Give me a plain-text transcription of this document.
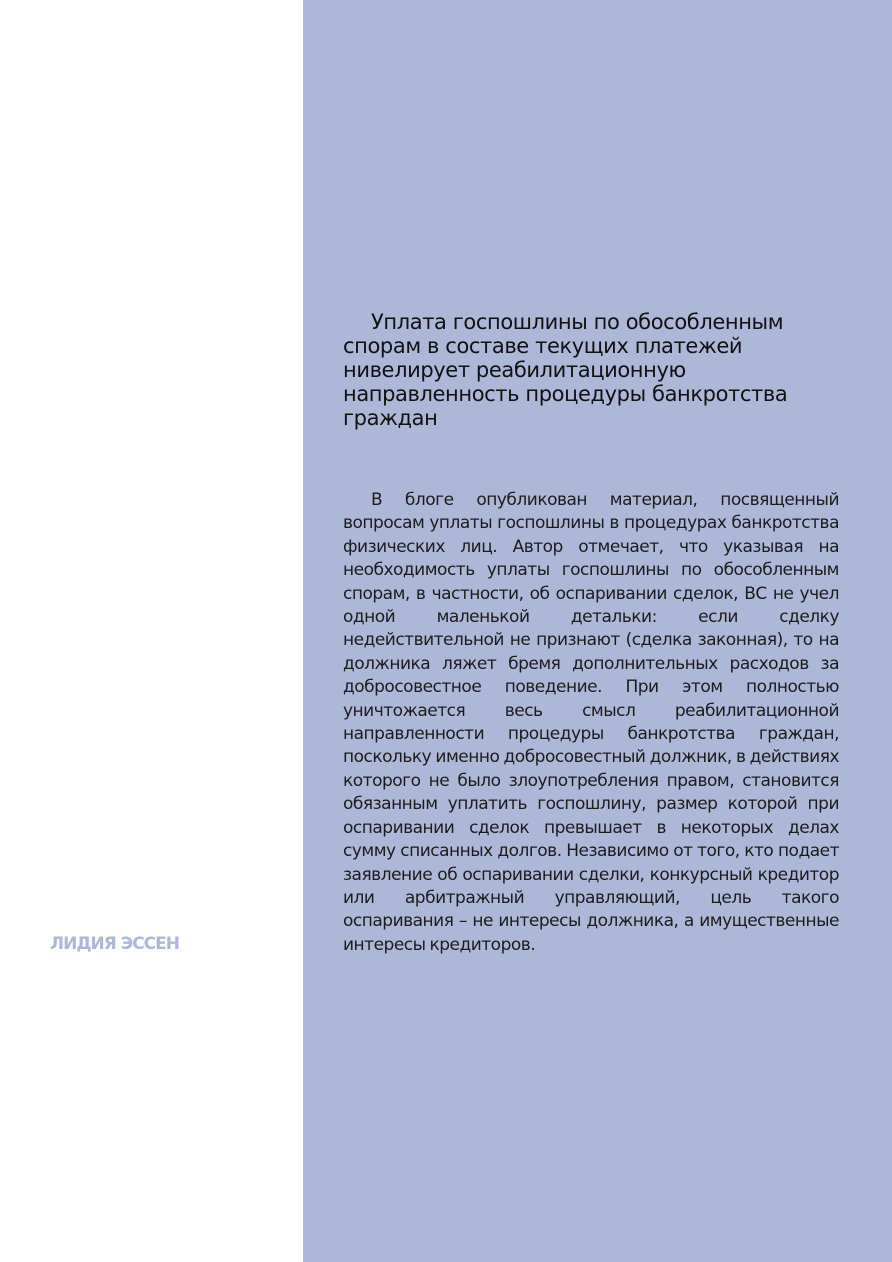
ЛИДИЯ ЭССЕН
Уплата госпошлины по обособленным спорам в составе текущих платежей нивелирует реабилитационную направленность процедуры банкротства граждан

В блоге опубликован материал, посвященный вопросам уплаты госпошлины в процедурах банкротства физических лиц. Автор отмечает, что указывая на необходимость уплаты госпошлины по обособленным спорам, в частности, об оспаривании сделок, ВС не учел одной маленькой детальки: если сделку недействительной не признают (сделка законная), то на должника ляжет бремя дополнительных расходов за добросовестное поведение. При этом полностью уничтожается весь смысл реабилитационной направленности процедуры банкротства граждан, поскольку именно добросовестный должник, в действиях которого не было злоупотребления правом, становится обязанным уплатить госпошлину, размер которой при оспаривании сделок превышает в некоторых делах сумму списанных долгов. Независимо от того, кто подает заявление об оспаривании сделки, конкурсный кредитор или арбитражный управляющий, цель такого оспаривания – не интересы должника, а имущественные интересы кредиторов.
